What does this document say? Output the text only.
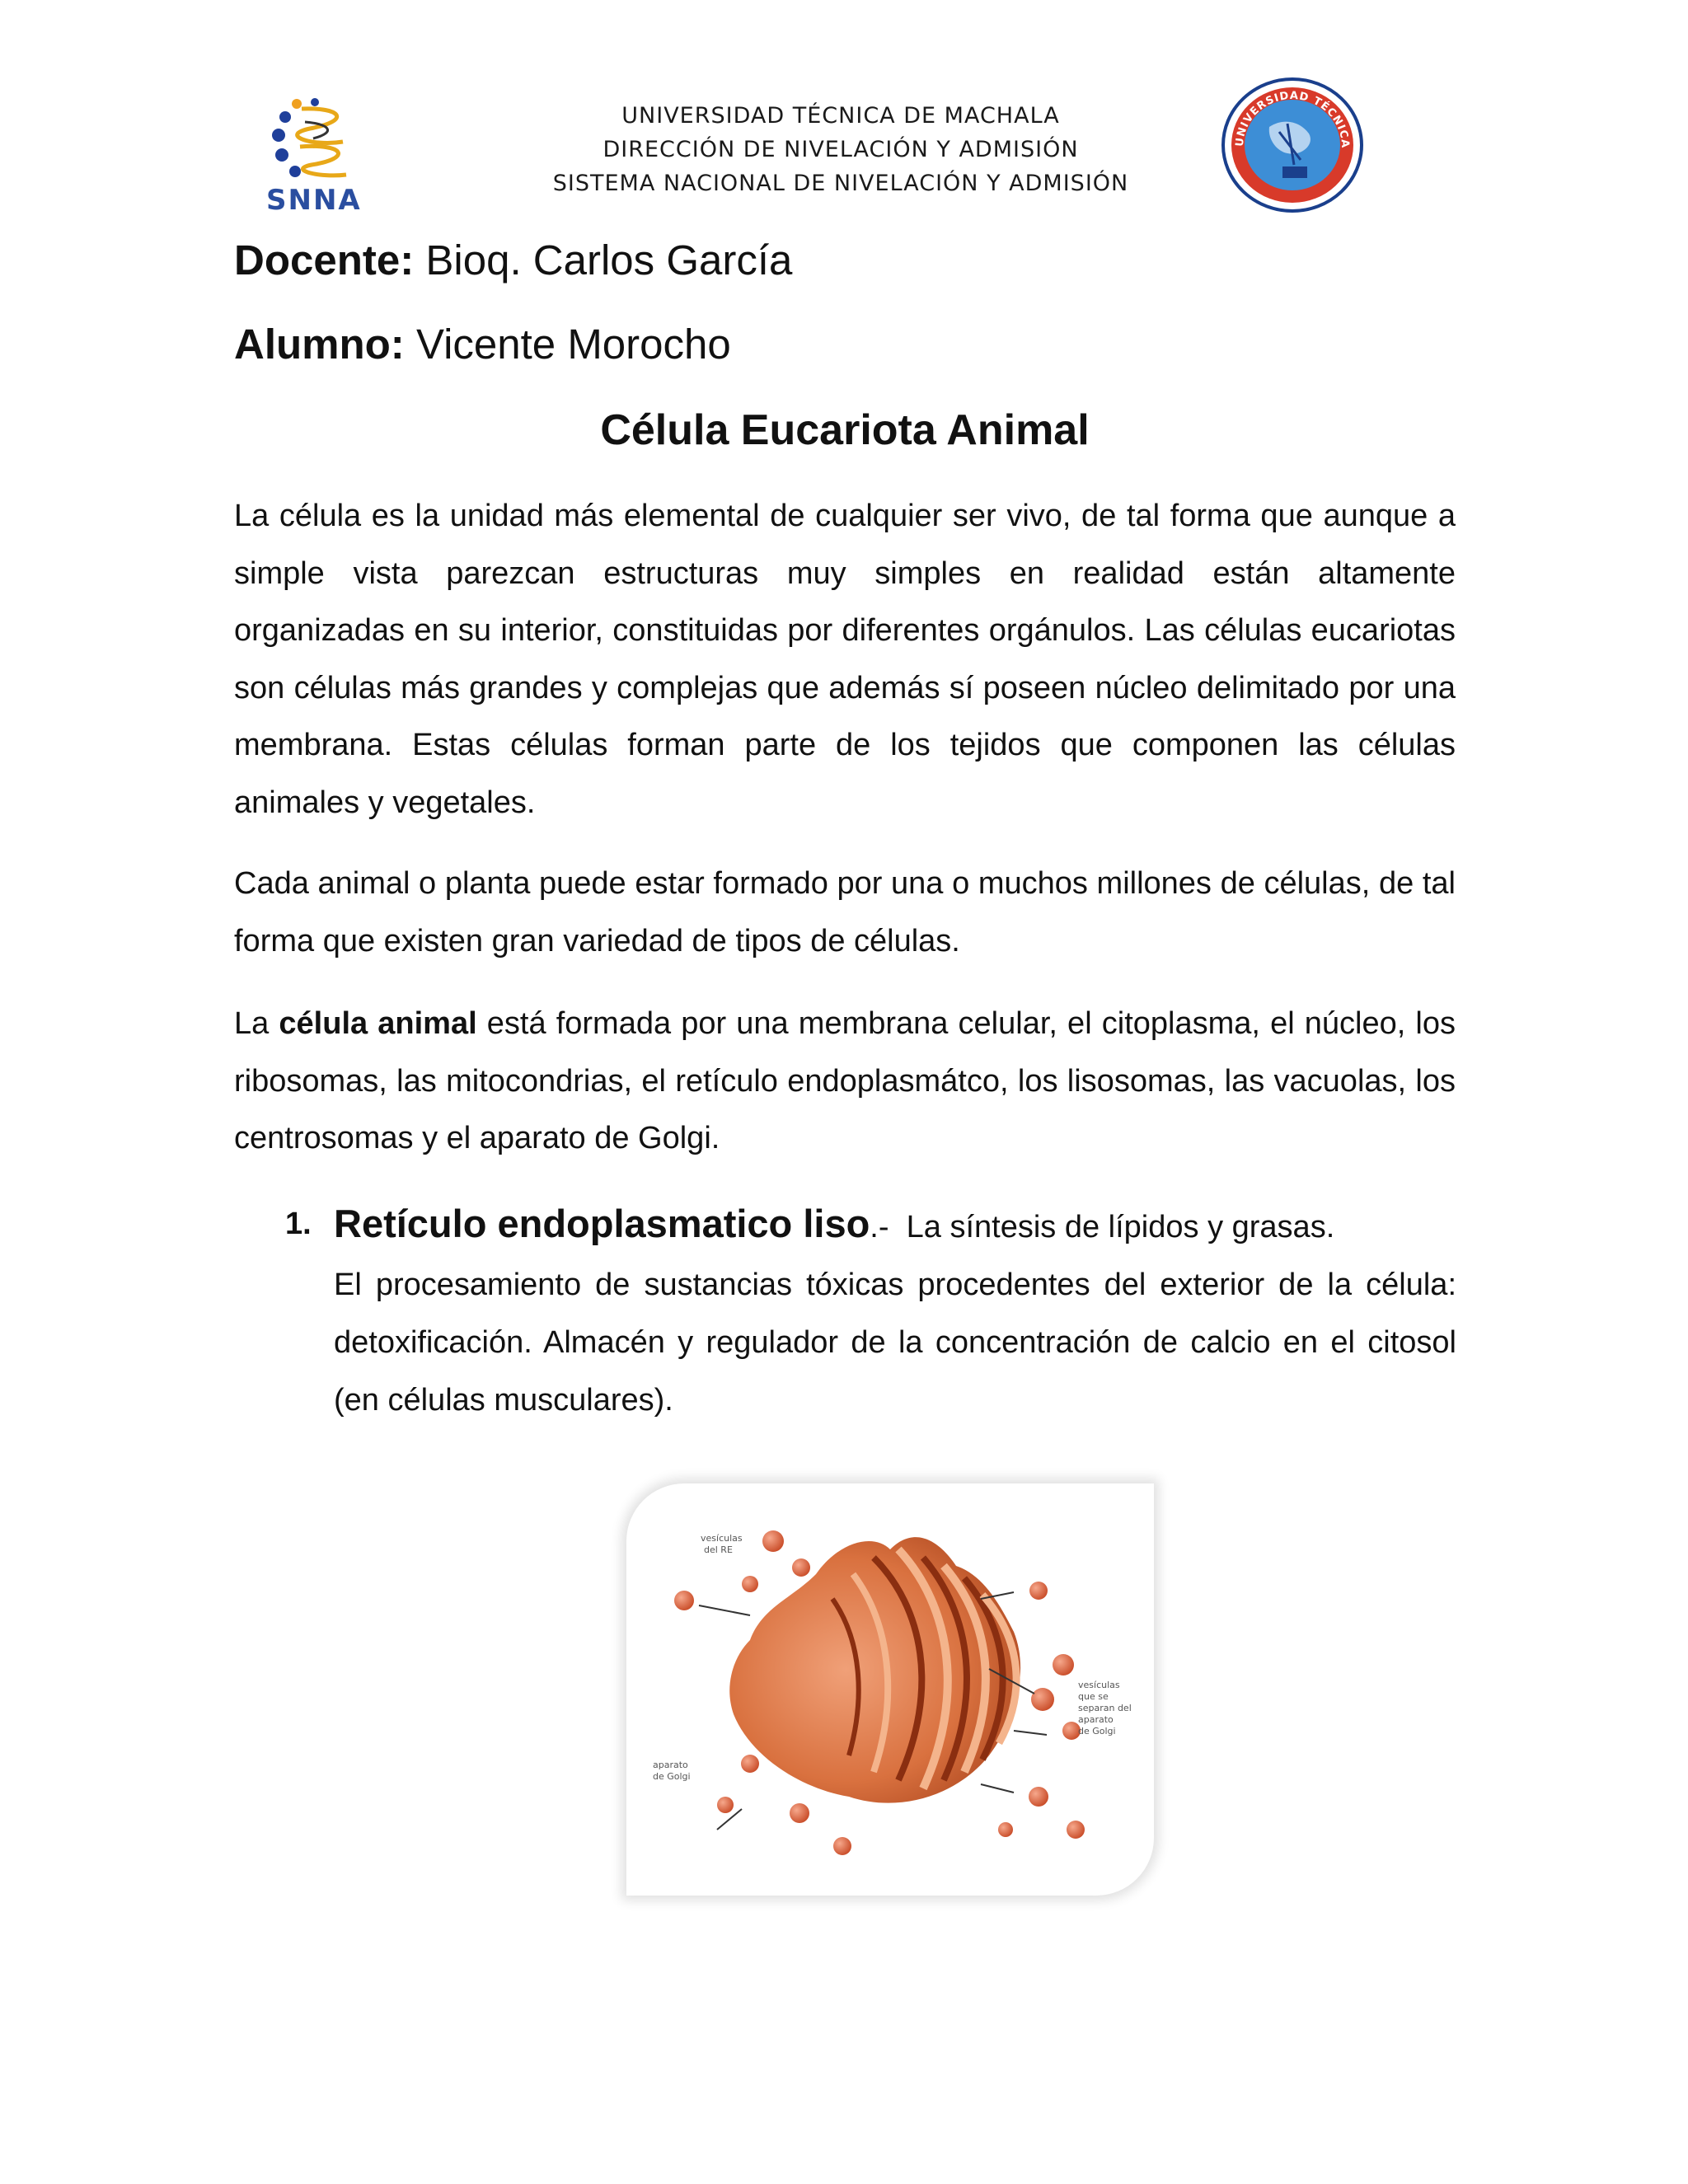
SNNA
UNIVERSIDAD TÉCNICA DE MACHALA
DIRECCIÓN DE NIVELACIÓN Y ADMISIÓN
SISTEMA NACIONAL DE NIVELACIÓN Y ADMISIÓN
UNIVERSIDAD TÉCNICA
Docente: Bioq. Carlos García
Alumno: Vicente Morocho
Célula Eucariota Animal

La célula es la unidad más elemental de cualquier ser vivo, de tal forma que aunque a simple vista parezcan estructuras muy simples en realidad están altamente organizadas en su interior, constituidas por diferentes orgánulos. Las células eucariotas son células más grandes y complejas que además sí poseen núcleo delimitado por una membrana. Estas células forman parte de los tejidos que componen las células animales y vegetales.

Cada animal o planta puede estar formado por una o muchos millones de células, de tal forma que existen gran variedad de tipos de células.

La célula animal está formada por una membrana celular, el citoplasma, el núcleo, los ribosomas, las mitocondrias, el retículo endoplasmátco, los lisosomas, las vacuolas, los centrosomas y el aparato de Golgi.

1. Retículo endoplasmatico liso.- La síntesis de lípidos y grasas.
El procesamiento de sustancias tóxicas procedentes del exterior de la célula: detoxificación. Almacén y regulador de la concentración de calcio en el citosol (en células musculares).
vesículas
del RE
aparato
de Golgi
vesículas
que se
separan del
aparato
de Golgi
